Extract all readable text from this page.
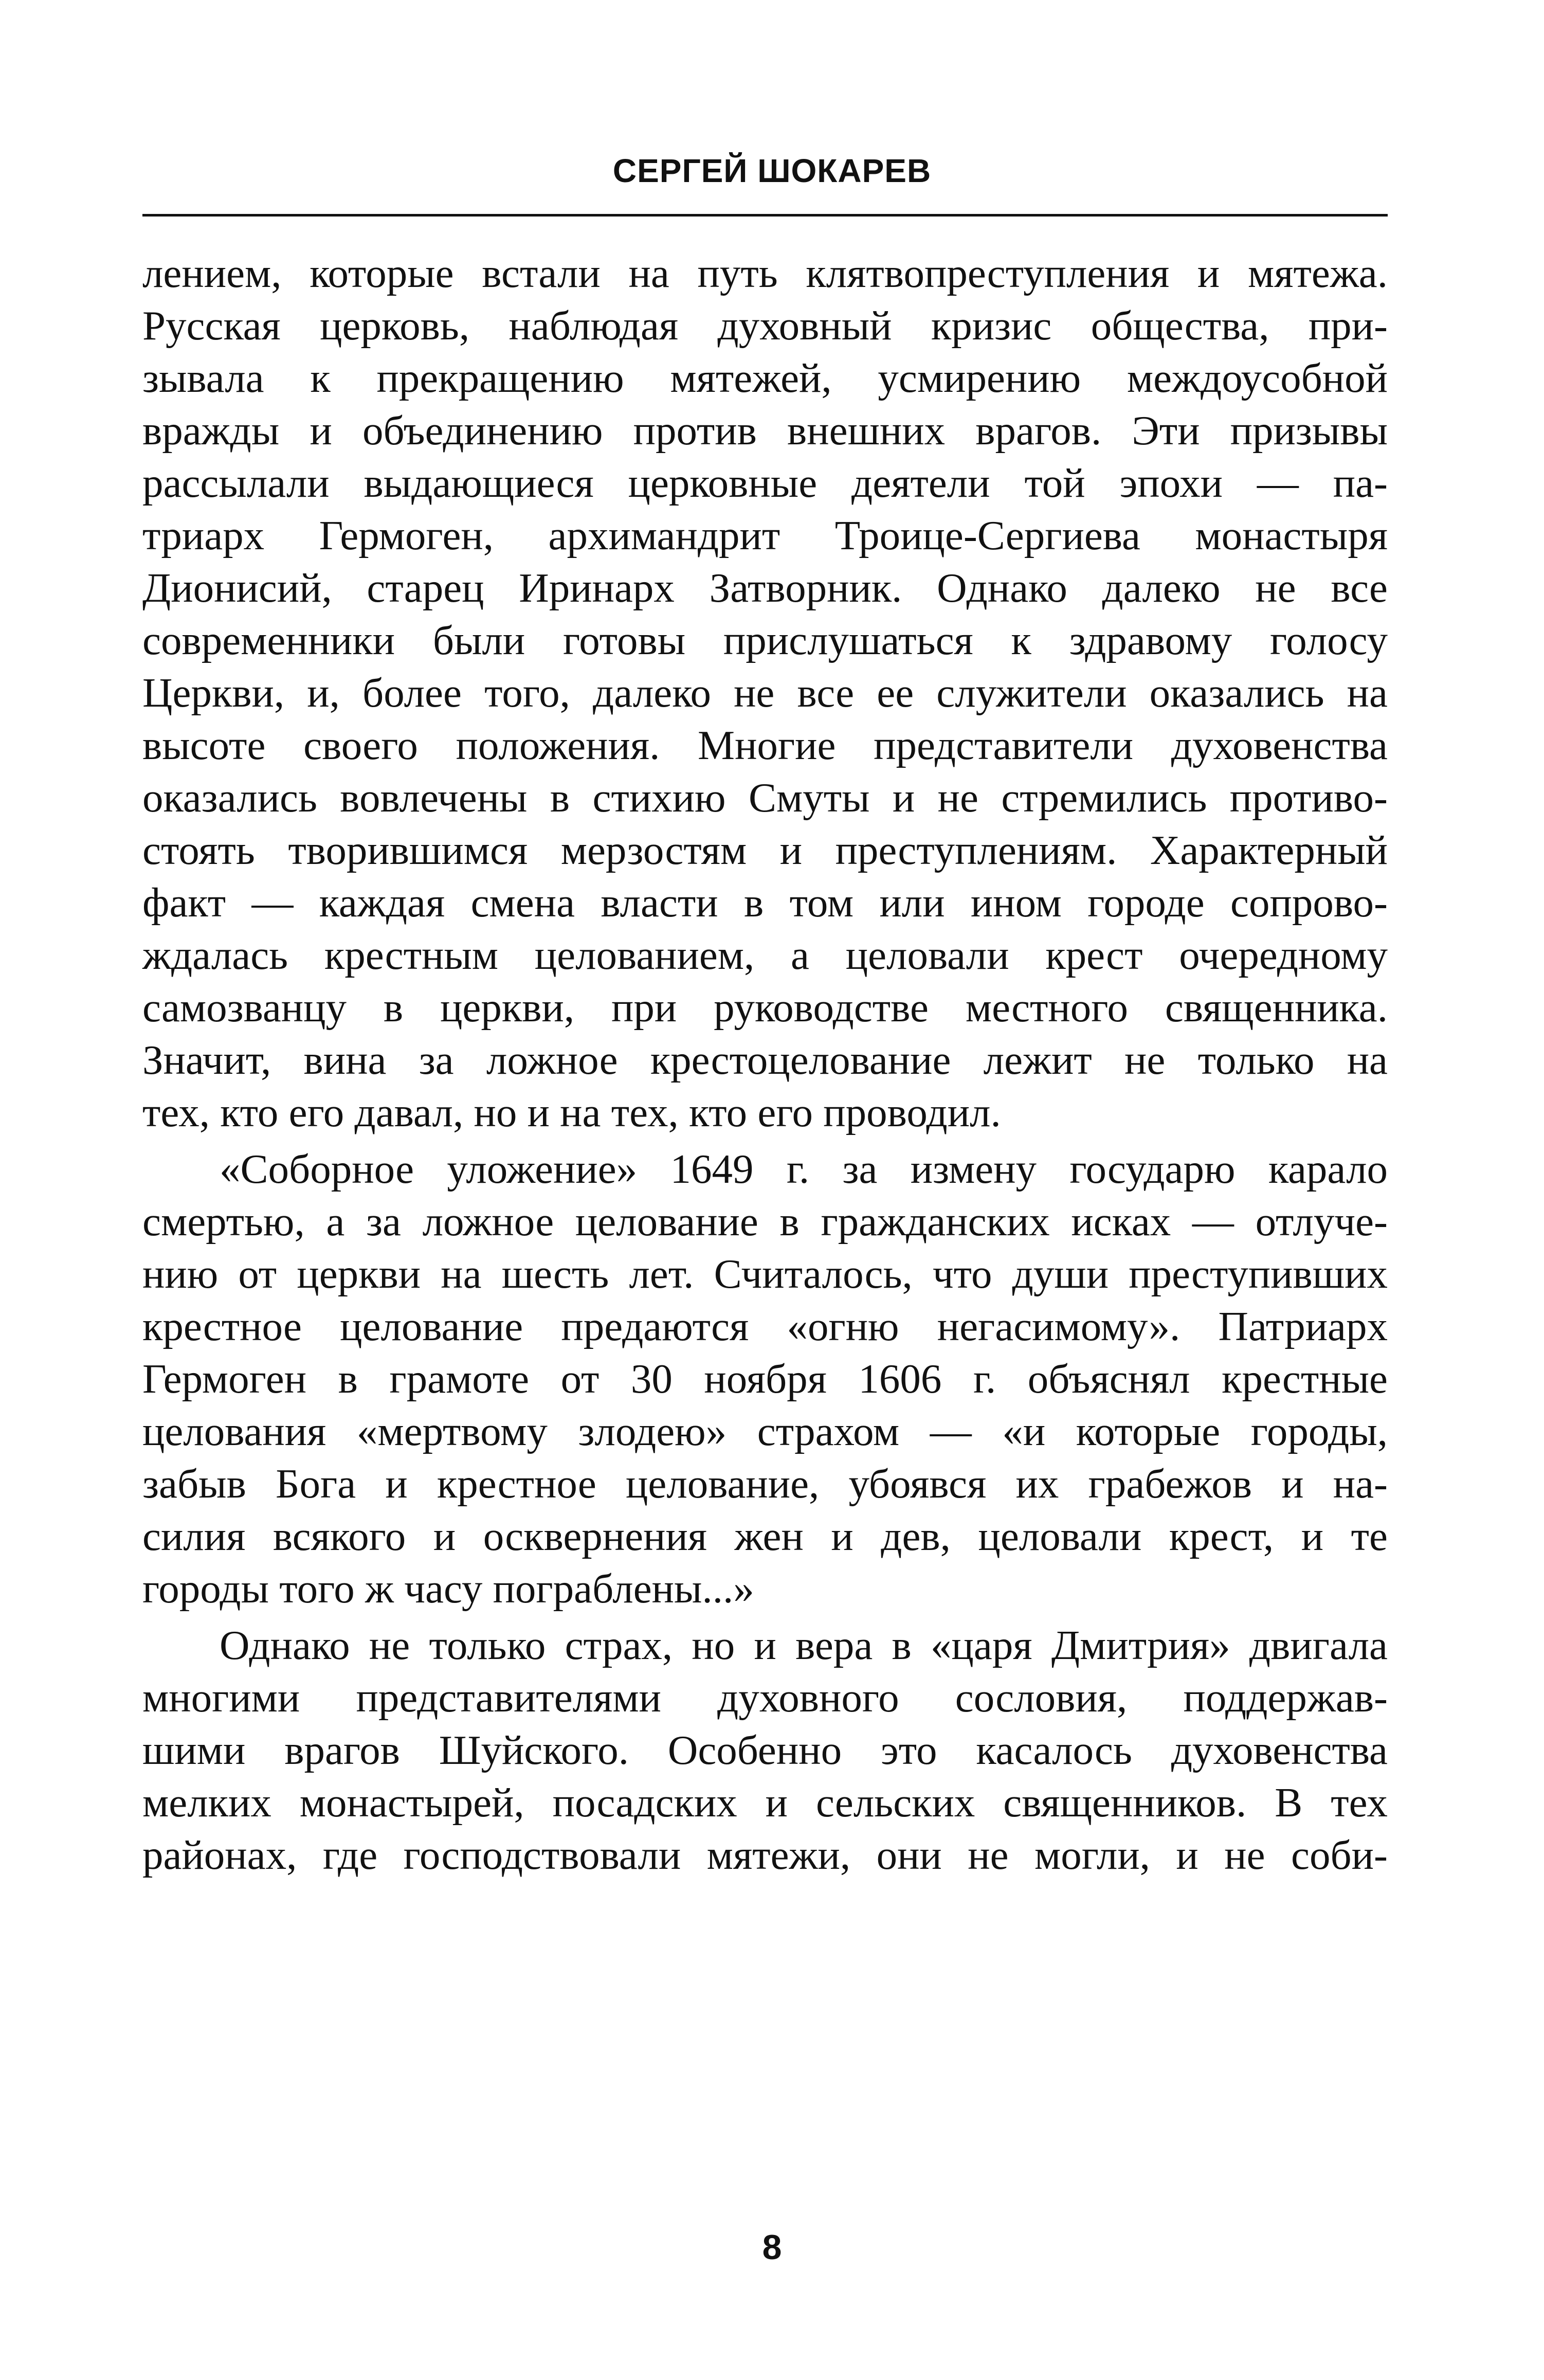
СЕРГЕЙ ШОКАРЕВ
лением, которые встали на путь клятвопреступления и мятежа.
Русская церковь, наблюдая духовный кризис общества, при-
зывала к прекращению мятежей, усмирению междоусобной
вражды и объединению против внешних врагов. Эти призывы
рассылали выдающиеся церковные деятели той эпохи — па-
триарх Гермоген, архимандрит Троице-Сергиева монастыря
Дионисий, старец Иринарх Затворник. Однако далеко не все
современники были готовы прислушаться к здравому голосу
Церкви, и, более того, далеко не все ее служители оказались на
высоте своего положения. Многие представители духовенства
оказались вовлечены в стихию Смуты и не стремились противо-
стоять творившимся мерзостям и преступлениям. Характерный
факт — каждая смена власти в том или ином городе сопрово-
ждалась крестным целованием, а целовали крест очередному
самозванцу в церкви, при руководстве местного священника.
Значит, вина за ложное крестоцелование лежит не только на
тех, кто его давал, но и на тех, кто его проводил.
«Соборное уложение» 1649 г. за измену государю карало
смертью, а за ложное целование в гражданских исках — отлуче-
нию от церкви на шесть лет. Считалось, что души преступивших
крестное целование предаются «огню негасимому». Патриарх
Гермоген в грамоте от 30 ноября 1606 г. объяснял крестные
целования «мертвому злодею» страхом — «и которые городы,
забыв Бога и крестное целование, убоявся их грабежов и на-
силия всякого и осквернения жен и дев, целовали крест, и те
городы того ж часу пограблены...»
Однако не только страх, но и вера в «царя Дмитрия» двигала
многими представителями духовного сословия, поддержав-
шими врагов Шуйского. Особенно это касалось духовенства
мелких монастырей, посадских и сельских священников. В тех
районах, где господствовали мятежи, они не могли, и не соби-
8
